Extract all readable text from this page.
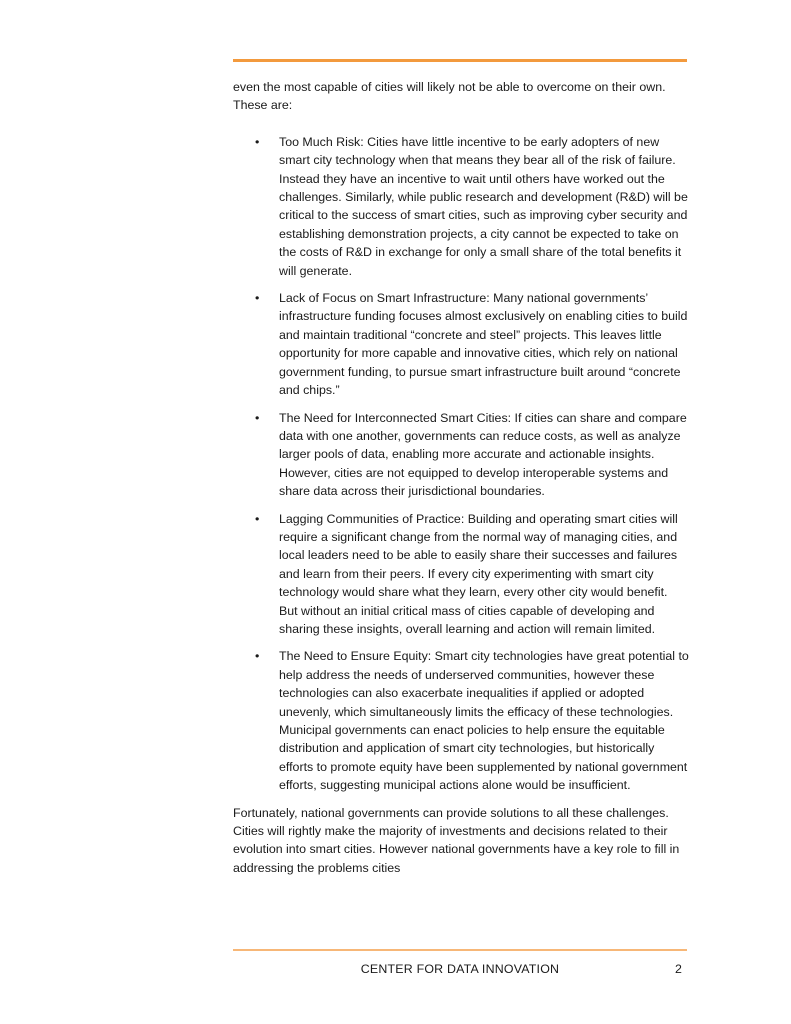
even the most capable of cities will likely not be able to overcome on their own. These are:

• Too Much Risk: Cities have little incentive to be early adopters of new smart city technology when that means they bear all of the risk of failure. Instead they have an incentive to wait until others have worked out the challenges. Similarly, while public research and development (R&D) will be critical to the success of smart cities, such as improving cyber security and establishing demonstration projects, a city cannot be expected to take on the costs of R&D in exchange for only a small share of the total benefits it will generate.
• Lack of Focus on Smart Infrastructure: Many national governments’ infrastructure funding focuses almost exclusively on enabling cities to build and maintain traditional “concrete and steel” projects. This leaves little opportunity for more capable and innovative cities, which rely on national government funding, to pursue smart infrastructure built around “concrete and chips.”
• The Need for Interconnected Smart Cities: If cities can share and compare data with one another, governments can reduce costs, as well as analyze larger pools of data, enabling more accurate and actionable insights. However, cities are not equipped to develop interoperable systems and share data across their jurisdictional boundaries.
• Lagging Communities of Practice: Building and operating smart cities will require a significant change from the normal way of managing cities, and local leaders need to be able to easily share their successes and failures and learn from their peers. If every city experimenting with smart city technology would share what they learn, every other city would benefit. But without an initial critical mass of cities capable of developing and sharing these insights, overall learning and action will remain limited.
• The Need to Ensure Equity: Smart city technologies have great potential to help address the needs of underserved communities, however these technologies can also exacerbate inequalities if applied or adopted unevenly, which simultaneously limits the efficacy of these technologies. Municipal governments can enact policies to help ensure the equitable distribution and application of smart city technologies, but historically efforts to promote equity have been supplemented by national government efforts, suggesting municipal actions alone would be insufficient.

Fortunately, national governments can provide solutions to all these challenges. Cities will rightly make the majority of investments and decisions related to their evolution into smart cities. However national governments have a key role to fill in addressing the problems cities

CENTER FOR DATA INNOVATION	2
